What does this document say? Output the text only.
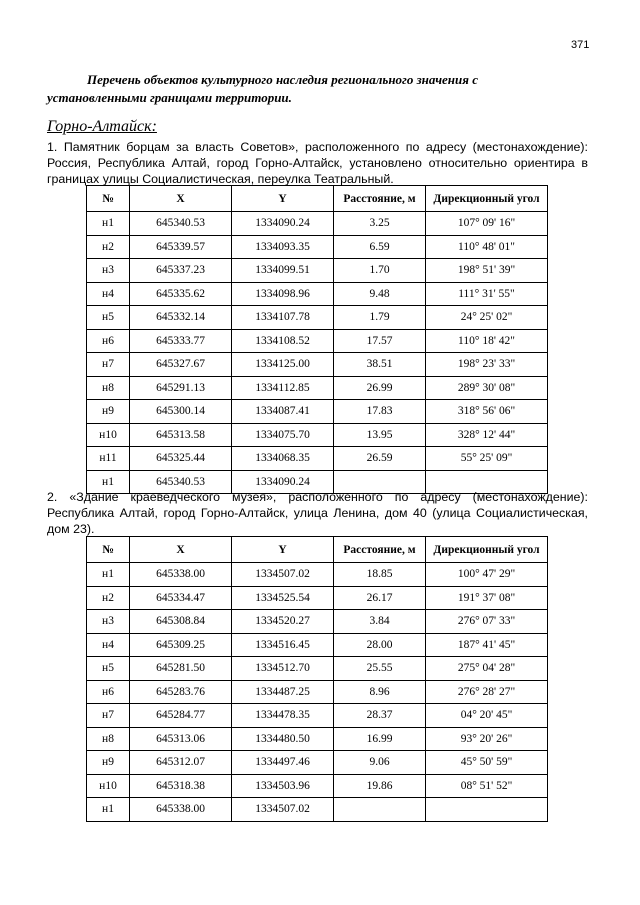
371

Перечень объектов культурного наследия регионального значения с установленными границами территории.

Горно-Алтайск:

1. Памятник борцам за власть Советов», расположенного по адресу (местонахождение): Россия, Республика Алтай, город Горно-Алтайск, установлено относительно ориентира в границах улицы Социалистическая, переулка Театральный.

№	X	Y	Расстояние, м	Дирекционный угол
н1	645340.53	1334090.24	3.25	107° 09' 16"
н2	645339.57	1334093.35	6.59	110° 48' 01"
н3	645337.23	1334099.51	1.70	198° 51' 39"
н4	645335.62	1334098.96	9.48	111° 31' 55"
н5	645332.14	1334107.78	1.79	24° 25' 02"
н6	645333.77	1334108.52	17.57	110° 18' 42"
н7	645327.67	1334125.00	38.51	198° 23' 33"
н8	645291.13	1334112.85	26.99	289° 30' 08"
н9	645300.14	1334087.41	17.83	318° 56' 06"
н10	645313.58	1334075.70	13.95	328° 12' 44"
н11	645325.44	1334068.35	26.59	55° 25' 09"
н1	645340.53	1334090.24		

2. «Здание краеведческого музея», расположенного по адресу (местонахождение): Республика Алтай, город Горно-Алтайск, улица Ленина, дом 40 (улица Социалистическая, дом 23).

№	X	Y	Расстояние, м	Дирекционный угол
н1	645338.00	1334507.02	18.85	100° 47' 29"
н2	645334.47	1334525.54	26.17	191° 37' 08"
н3	645308.84	1334520.27	3.84	276° 07' 33"
н4	645309.25	1334516.45	28.00	187° 41' 45"
н5	645281.50	1334512.70	25.55	275° 04' 28"
н6	645283.76	1334487.25	8.96	276° 28' 27"
н7	645284.77	1334478.35	28.37	04° 20' 45"
н8	645313.06	1334480.50	16.99	93° 20' 26"
н9	645312.07	1334497.46	9.06	45° 50' 59"
н10	645318.38	1334503.96	19.86	08° 51' 52"
н1	645338.00	1334507.02		
